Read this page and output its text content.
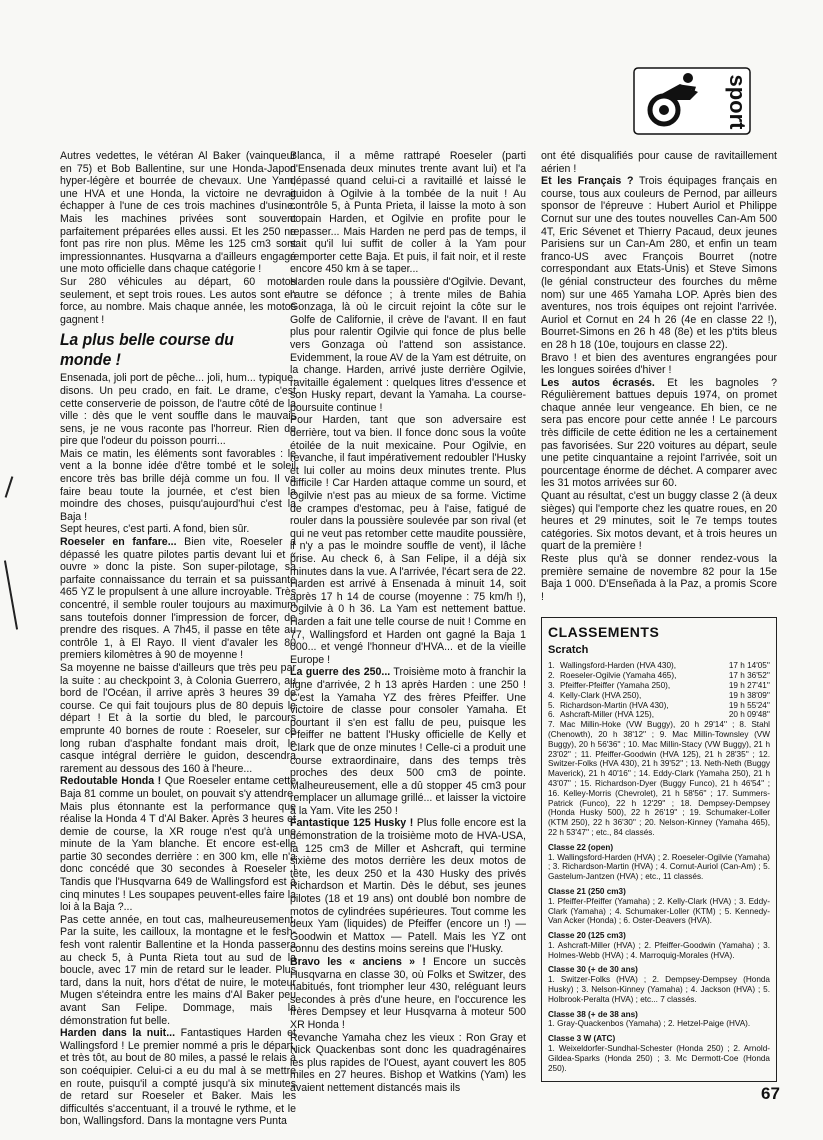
sport

Autres vedettes, le vétéran Al Baker (vainqueur en 75) et Bob Ballentine, sur une Honda-Japon hyper-légère et bourrée de chevaux. Une Yam, une HVA et une Honda, la victoire ne devrait échapper à l'une de ces trois machines d'usine. Mais les machines privées sont souvent parfaitement préparées elles aussi. Et les 250 ne font pas rire non plus. Même les 125 cm3 sont impressionnantes. Husqvarna a d'ailleurs engagé une moto officielle dans chaque catégorie !

Sur 280 véhicules au départ, 60 motos seulement, et sept trois roues. Les autos sont en force, au nombre. Mais chaque année, les motos gagnent !

La plus belle course du monde !

Ensenada, joli port de pêche... joli, hum... typique, disons. Un peu crado, en fait. Le drame, c'est cette conserverie de poisson, de l'autre côté de la ville : dès que le vent souffle dans le mauvais sens, je ne vous raconte pas l'horreur. Rien de pire que l'odeur du poisson pourri...

Mais ce matin, les éléments sont favorables : le vent a la bonne idée d'être tombé et le soleil encore très bas brille déjà comme un fou. Il va faire beau toute la journée, et c'est bien la moindre des choses, puisqu'aujourd'hui c'est la Baja !

Sept heures, c'est parti. A fond, bien sûr.

Roeseler en fanfare... Bien vite, Roeseler a dépassé les quatre pilotes partis devant lui et « ouvre » donc la piste. Son super-pilotage, sa parfaite connaissance du terrain et sa puissante 465 YZ le propulsent à une allure incroyable. Très concentré, il semble rouler toujours au maximum sans toutefois donner l'impression de forcer, de prendre des risques. A 7h45, il passe en tête au contrôle 1, à El Rayo. Il vient d'avaler les 80 premiers kilomètres à 90 de moyenne !

Sa moyenne ne baisse d'ailleurs que très peu par la suite : au checkpoint 3, à Colonia Guerrero, au bord de l'Océan, il arrive après 3 heures 39 de course. Ce qui fait toujours plus de 80 depuis le départ ! Et à la sortie du bled, le parcours emprunte 40 bornes de route : Roeseler, sur ce long ruban d'asphalte fondant mais droit, le casque intégral derrière le guidon, descendra rarement au dessous des 160 à l'heure...

Redoutable Honda ! Que Roeseler entame cette Baja 81 comme un boulet, on pouvait s'y attendre. Mais plus étonnante est la performance que réalise la Honda 4 T d'Al Baker. Après 3 heures et demie de course, la XR rouge n'est qu'à une minute de la Yam blanche. Et encore est-elle partie 30 secondes derrière : en 300 km, elle n'a donc concédé que 30 secondes à Roeseler ! Tandis que l'Husqvarna 649 de Wallingsford est à cinq minutes ! Les soupapes peuvent-elles faire la loi à la Baja ?...

Pas cette année, en tout cas, malheureusement. Par la suite, les cailloux, la montagne et le fesh-fesh vont ralentir Ballentine et la Honda passera au check 5, à Punta Rieta tout au sud de la boucle, avec 17 min de retard sur le leader. Plus tard, dans la nuit, hors d'état de nuire, le moteur Mugen s'éteindra entre les mains d'Al Baker peu avant San Felipe. Dommage, mais la démonstration fut belle.

Harden dans la nuit... Fantastiques Harden et Wallingsford ! Le premier nommé a pris le départ, et très tôt, au bout de 80 miles, a passé le relais à son coéquipier. Celui-ci a eu du mal à se mettre en route, puisqu'il a compté jusqu'à six minutes de retard sur Roeseler et Baker. Mais les difficultés s'accentuant, il a trouvé le rythme, et le bon, Wallingsford. Dans la montagne vers Punta

Blanca, il a même rattrapé Roeseler (parti d'Ensenada deux minutes trente avant lui) et l'a dépassé quand celui-ci a ravitaillé et laissé le guidon à Ogilvie à la tombée de la nuit ! Au contrôle 5, à Punta Prieta, il laisse la moto à son copain Harden, et Ogilvie en profite pour le repasser... Mais Harden ne perd pas de temps, il sait qu'il lui suffit de coller à la Yam pour remporter cette Baja. Et puis, il fait noir, et il reste encore 450 km à se taper...

Harden roule dans la poussière d'Ogilvie. Devant, l'autre se défonce ; à trente miles de Bahia Gonzaga, là où le circuit rejoint la côte sur le Golfe de Californie, il crève de l'avant. Il en faut plus pour ralentir Ogilvie qui fonce de plus belle vers Gonzaga où l'attend son assistance. Evidemment, la roue AV de la Yam est détruite, on la change. Harden, arrivé juste derrière Ogilvie, ravitaille également : quelques litres d'essence et son Husky repart, devant la Yamaha. La course-poursuite continue !

Pour Harden, tant que son adversaire est derrière, tout va bien. Il fonce donc sous la voûte étoilée de la nuit mexicaine. Pour Ogilvie, en revanche, il faut impérativement redoubler l'Husky et lui coller au moins deux minutes trente. Plus difficile ! Car Harden attaque comme un sourd, et Ogilvie n'est pas au mieux de sa forme. Victime de crampes d'estomac, peu à l'aise, fatigué de rouler dans la poussière soulevée par son rival (et qui ne veut pas retomber cette maudite poussière, il n'y a pas le moindre souffle de vent), il lâche prise. Au check 6, à San Felipe, il a déjà six minutes dans la vue. A l'arrivée, l'écart sera de 22. Harden est arrivé à Ensenada à minuit 14, soit après 17 h 14 de course (moyenne : 75 km/h !), Ogilvie à 0 h 36. La Yam est nettement battue. Harden a fait une telle course de nuit ! Comme en 77, Wallingsford et Harden ont gagné la Baja 1 000... et vengé l'honneur d'HVA... et de la vieille Europe !

La guerre des 250... Troisième moto à franchir la ligne d'arrivée, 2 h 13 après Harden : une 250 ! C'est la Yamaha YZ des frères Pfeiffer. Une victoire de classe pour consoler Yamaha. Et pourtant il s'en est fallu de peu, puisque les Pfeiffer ne battent l'Husky officielle de Kelly et Clark que de onze minutes ! Celle-ci a produit une course extraordinaire, dans des temps très proches des deux 500 cm3 de pointe. Malheureusement, elle a dû stopper 45 cm3 pour remplacer un allumage grillé... et laisser la victoire à la Yam. Vite les 250 !

Fantastique 125 Husky ! Plus folle encore est la démonstration de la troisième moto de HVA-USA, la 125 cm3 de Miller et Ashcraft, qui termine sixième des motos derrière les deux motos de tête, les deux 250 et la 430 Husky des privés Richardson et Martin. Dès le début, ses jeunes pilotes (18 et 19 ans) ont doublé bon nombre de motos de cylindrées supérieures. Tout comme les deux Yam (liquides) de Pfeiffer (encore un !) — Goodwin et Mattox — Patell. Mais les YZ ont connu des destins moins sereins que l'Husky.

Bravo les « anciens » ! Encore un succès Husqvarna en classe 30, où Folks et Switzer, des habitués, font triompher leur 430, reléguant leurs secondes à près d'une heure, en l'occurence les frères Dempsey et leur Husqvarna à moteur 500 XR Honda !

Revanche Yamaha chez les vieux : Ron Gray et Nick Quackenbas sont donc les quadragénaires les plus rapides de l'Ouest, ayant couvert les 805 miles en 27 heures. Bishop et Watkins (Yam) les avaient nettement distancés mais ils

ont été disqualifiés pour cause de ravitaillement aérien !

Et les Français ? Trois équipages français en course, tous aux couleurs de Pernod, par ailleurs sponsor de l'épreuve : Hubert Auriol et Philippe Cornut sur une des toutes nouvelles Can-Am 500 4T, Eric Sévenet et Thierry Pacaud, deux jeunes Parisiens sur un Can-Am 280, et enfin un team franco-US avec François Bourret (notre correspondant aux Etats-Unis) et Steve Simons (le génial constructeur des fourches du même nom) sur une 465 Yamaha LOP. Après bien des aventures, nos trois équipes ont rejoint l'arrivée. Auriol et Cornut en 24 h 26 (4e en classe 22 !), Bourret-Simons en 26 h 48 (8e) et les p'tits bleus en 28 h 18 (10e, toujours en classe 22).

Bravo ! et bien des aventures engrangées pour les longues soirées d'hiver !

Les autos écrasés. Et les bagnoles ? Régulièrement battues depuis 1974, on promet chaque année leur vengeance. Eh bien, ce ne sera pas encore pour cette année ! Le parcours très difficile de cette édition ne les a certainement pas favorisées. Sur 220 voitures au départ, seule une petite cinquantaine a rejoint l'arrivée, soit un pourcentage énorme de déchet. A comparer avec les 31 motos arrivées sur 60.

Quant au résultat, c'est un buggy classe 2 (à deux sièges) qui l'emporte chez les quatre roues, en 20 heures et 29 minutes, soit le 7e temps toutes catégories. Six motos devant, et à trois heures un quart de la première !

Reste plus qu'à se donner rendez-vous la première semaine de novembre 82 pour la 15e Baja 1 000. D'Enseñada à la Paz, a promis Score !

CLASSEMENTS
Scratch
1. Wallingsford-Harden (HVA 430),	17 h 14'05''
2. Roeseler-Ogilvie (Yamaha 465),	17 h 36'52''
3. Pfeiffer-Pfeiffer (Yamaha 250),	19 h 27'41''
4. Kelly-Clark (HVA 250),	19 h 38'09''
5. Richardson-Martin (HVA 430),	19 h 55'24''
6. Ashcraft-Miller (HVA 125),	20 h 09'48''

7. Mac Millin-Hoke (VW Buggy), 20 h 29'14'' ; 8. Stahl (Chenowth), 20 h 38'12'' ; 9. Mac Millin-Townsley (VW Buggy), 20 h 56'36'' ; 10. Mac Millin-Stacy (VW Buggy), 21 h 23'02'' ; 11. Pfeiffer-Goodwin (HVA 125), 21 h 28'35'' ; 12. Switzer-Folks (HVA 430), 21 h 39'52'' ; 13. Neth-Neth (Buggy Maverick), 21 h 40'16'' ; 14. Eddy-Clark (Yamaha 250), 21 h 43'07'' ; 15. Richardson-Dyer (Buggy Funco), 21 h 46'54'' ; 16. Kelley-Morris (Chevrolet), 21 h 58'56'' ; 17. Summers-Patrick (Funco), 22 h 12'29'' ; 18. Dempsey-Dempsey (Honda Husky 500), 22 h 26'19'' ; 19. Schumaker-Loller (KTM 250), 22 h 36'30'' ; 20. Nelson-Kinney (Yamaha 465), 22 h 53'47'' ; etc., 84 classés.

Classe 22 (open)

1. Wallingsford-Harden (HVA) ; 2. Roeseler-Ogilvie (Yamaha) ; 3. Richardson-Martin (HVA) ; 4. Cornut-Auriol (Can-Am) ; 5. Gastelum-Jantzen (HVA) ; etc., 11 classés.

Classe 21 (250 cm3)

1. Pfeiffer-Pfeiffer (Yamaha) ; 2. Kelly-Clark (HVA) ; 3. Eddy-Clark (Yamaha) ; 4. Schumaker-Loller (KTM) ; 5. Kennedy-Van Acker (Honda) ; 6. Oster-Deavers (HVA).

Classe 20 (125 cm3)

1. Ashcraft-Miller (HVA) ; 2. Pfeiffer-Goodwin (Yamaha) ; 3. Holmes-Webb (HVA) ; 4. Marroquig-Morales (HVA).

Classe 30 (+ de 30 ans)

1. Switzer-Folks (HVA) ; 2. Dempsey-Dempsey (Honda Husky) ; 3. Nelson-Kinney (Yamaha) ; 4. Jackson (HVA) ; 5. Holbrook-Peralta (HVA) ; etc... 7 classés.

Classe 38 (+ de 38 ans)

1. Gray-Quackenbos (Yamaha) ; 2. Hetzel-Paige (HVA).

Classe 3 W (ATC)

1. Weixeldorfer-Sundhal-Schester (Honda 250) ; 2. Arnold-Gildea-Sparks (Honda 250) ; 3. Mc Dermott-Coe (Honda 250).

67
